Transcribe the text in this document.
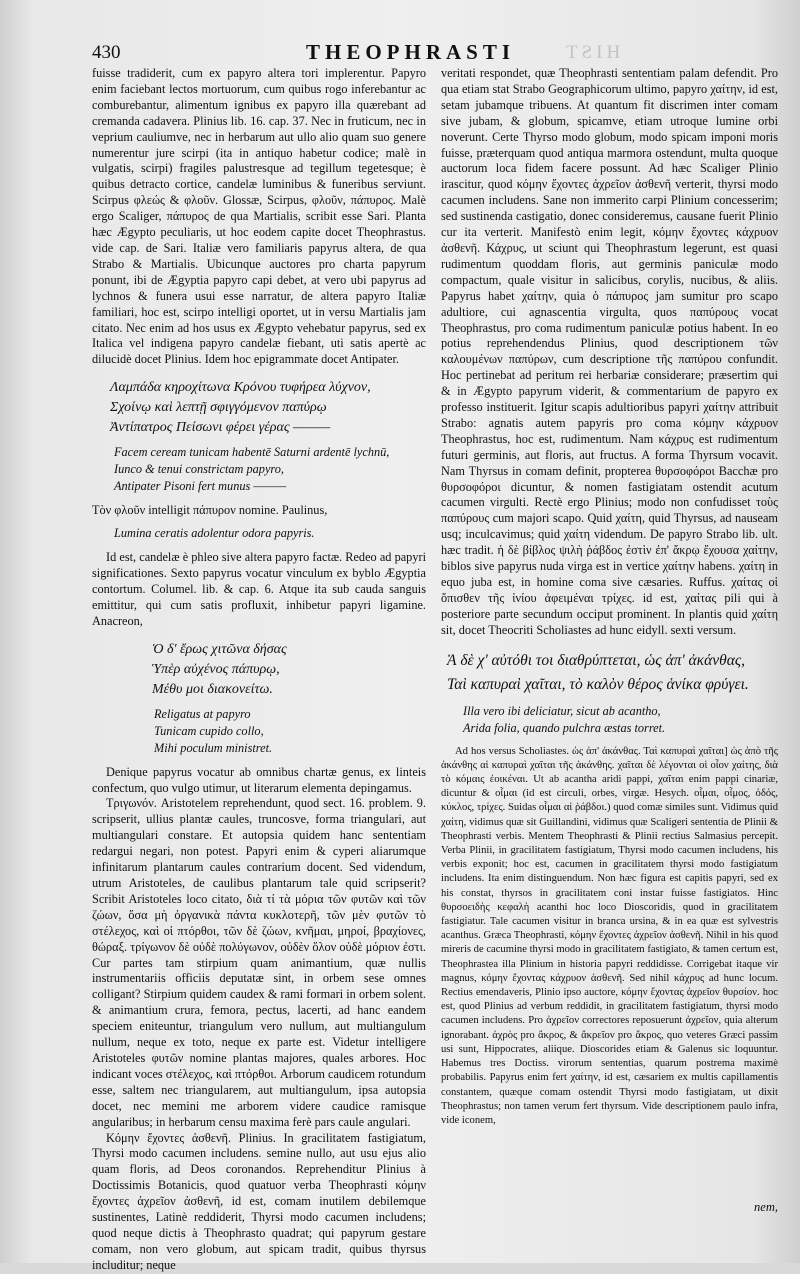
430	THEOPHRASTI HIST

fuisse tradiderit, cum ex papyro altera tori implerentur. Papyro enim faciebant lectos mortuorum, cum quibus rogo inferebantur ac comburebantur, alimentum ignibus ex papyro illa quærebant ad cremanda cadavera. Plinius lib. 16. cap. 37. Nec in fruticum, nec in veprium cauliumve, nec in herbarum aut ullo alio quam suo genere numerentur jure scirpi (ita in antiquo habetur codice; malè in vulgatis, scirpi) fragiles palustresque ad tegillum tegetesque; è quibus detracto cortice, candelæ luminibus & funeribus serviunt. Scirpus φλεώς & φλοῦν. Glossæ, Scirpus, φλοῦν, πάπυρος. Malè ergo Scaliger, πάπυρος de qua Martialis, scribit esse Sari. Planta hæc Ægypto peculiaris, ut hoc eodem capite docet Theophrastus. vide cap. de Sari. Italiæ vero familiaris papyrus altera, de qua Strabo & Martialis. Ubicunque auctores pro charta papyrum ponunt, ibi de Ægyptia papyro capi debet, at vero ubi papyrus ad lychnos & funera usui esse narratur, de altera papyro Italiæ familiari, hoc est, scirpo intelligi oportet, ut in versu Martialis jam citato. Nec enim ad hos usus ex Ægypto vehebatur papyrus, sed ex Italica vel indigena papyro candelæ fiebant, uti satis apertè ac dilucidè docet Plinius. Idem hoc epigrammate docet Antipater.

Λαμπάδα κηροχίτωνα Κρόνου τυφήρεα λύχνον,
Σχοίνῳ καὶ λεπτῇ σφιγγόμενον παπύρῳ
Ἀντίπατρος Πείσωνι φέρει γέρας ———
Facem ceream tunicam habentē Saturni ardentē lychnū,
Iunco & tenui constrictam papyro,
Antipater Pisoni fert munus ———

Τὸν φλοῦν intelligit πάπυρον nomine. Paulinus,

Lumina ceratis adolentur odora papyris.

Id est, candelæ è phleo sive altera papyro factæ. Redeo ad papyri significationes. Sexto papyrus vocatur vinculum ex byblo Ægyptia contortum. Columel. lib. & cap. 6. Atque ita sub cauda sanguis emittitur, qui cum satis profluxit, inhibetur papyri ligamine. Anacreon,

Ὁ δ' ἔρως χιτῶνα δήσας
Ὑπὲρ αὐχένος πάπυρῳ,
Μέθυ μοι διακονείτω.
Religatus at papyro
Tunicam cupido collo,
Mihi poculum ministret.

Denique papyrus vocatur ab omnibus chartæ genus, ex linteis confectum, quo vulgo utimur, ut literarum elementa depingamus.

Τριγωνόν. Aristotelem reprehendunt, quod sect. 16. problem. 9. scripserit, ullius plantæ caules, truncosve, forma triangulari, aut multiangulari constare. Et autopsia quidem hanc sententiam redargui negari, non potest. Papyri enim & cyperi aliarumque infinitarum plantarum caules contrarium docent. Sed videndum, utrum Aristoteles, de caulibus plantarum tale quid scripserit? Scribit Aristoteles loco citato, διὰ τί τὰ μόρια τῶν φυτῶν καὶ τῶν ζώων, ὅσα μὴ ὀργανικὰ πάντα κυκλοτερῆ, τῶν μὲν φυτῶν τὸ στέλεχος, καὶ οἱ πτόρθοι, τῶν δὲ ζώων, κνῆμαι, μηροί, βραχίονες, θώραξ. τρίγωνον δὲ οὐδὲ πολύγωνον, οὐδὲν ὅλον οὐδὲ μόριον ἐστι. Cur partes tam stirpium quam animantium, quæ nullis instrumentariis officiis deputatæ sint, in orbem sese omnes colligant? Stirpium quidem caudex & rami formari in orbem solent. & animantium crura, femora, pectus, lacerti, ad hanc eandem speciem eniteuntur, triangulum vero nullum, aut multiangulum nullum, neque ex toto, neque ex parte est. Videtur intelligere Aristoteles φυτῶν nomine plantas majores, quales arbores. Hoc indicant voces στέλεχος, καὶ πτόρθοι. Arborum caudicem rotundum esse, saltem nec triangularem, aut multiangulum, ipsa autopsia docet, nec memini me arborem videre caudice ramisque angularibus; in herbarum censu maxima ferè pars caule angulari.

Κόμην ἔχοντες ἀσθενῆ. Plinius. In gracilitatem fastigiatum, Thyrsi modo cacumen includens. semine nullo, aut usu ejus alio quam floris, ad Deos coronandos. Reprehenditur Plinius à Doctissimis Botanicis, quod quatuor verba Theophrasti κόμην ἔχοντες ἀχρεῖον ἀσθενῆ, id est, comam inutilem debilemque sustinentes, Latinè reddiderit, Thyrsi modo cacumen includens; quod neque dictis à Theophrasto quadrat; qui papyrum gestare comam, non vero globum, aut spicam tradit, quibus thyrsus includitur; neque

veritati respondet, quæ Theophrasti sententiam palam defendit. Pro qua etiam stat Strabo Geographicorum ultimo, papyro χαίτην, id est, setam jubamque tribuens. At quantum fit discrimen inter comam sive jubam, & globum, spicamve, etiam utroque lumine orbi noverunt. Certe Thyrso modo globum, modo spicam imponi moris fuisse, præterquam quod antiqua marmora ostendunt, multa quoque auctorum loca fidem facere possunt. Ad hæc Scaliger Plinio irascitur, quod κόμην ἔχοντες ἀχρεῖον ἀσθενῆ verterit, thyrsi modo cacumen includens. Sane non immerito carpi Plinium concesserim; sed sustinenda castigatio, donec consideremus, causane fuerit Plinio cur ita verterit. Manifestò enim legit, κόμην ἔχοντες κάχρυον ἀσθενῆ. Κάχρυς, ut sciunt qui Theophrastum legerunt, est quasi rudimentum quoddam floris, aut germinis paniculæ modo compactum, quale visitur in salicibus, corylis, nucibus, & aliis. Papyrus habet χαίτην, quia ὁ πάπυρος jam sumitur pro scapo adultiore, cui agnascentia virgulta, quos παπύρους vocat Theophrastus, pro coma rudimentum paniculæ potius habent. In eo potius reprehendendus Plinius, quod descriptionem τῶν καλουμένων παπύρων, cum descriptione τῆς παπύρου confundit. Hoc pertinebat ad peritum rei herbariæ considerare; præsertim qui & in Ægypto papyrum viderit, & commentarium de papyro ex professo instituerit. Igitur scapis adultioribus papyri χαίτην attribuit Strabo: agnatis autem papyris pro coma κόμην κάχρυον Theophrastus, hoc est, rudimentum. Nam κάχρυς est rudimentum futuri germinis, aut floris, aut fructus. A forma Thyrsum vocavit. Nam Thyrsus in comam definit, propterea θυρσοφόροι Bacchæ pro θυρσοφόροι dicuntur, & nomen fastigiatam ostendit acutum cacumen virgulti. Rectè ergo Plinius; modo non confudisset τοὺς παπύρους cum majori scapo. Quid χαίτη, quid Thyrsus, ad nauseam usq; inculcavimus; quid χαίτη videndum. De papyro Strabo lib. ult. hæc tradit. ἡ δὲ βίβλος ψιλὴ ῥάβδος ἐστὶν ἐπ' ἄκρῳ ἔχουσα χαίτην, biblos sive papyrus nuda virga est in vertice χαίτην habens. χαίτη in equo juba est, in homine coma sive cæsaries. Ruffus. χαίτας οἱ ὄπισθεν τῆς ἰνίου ἀφειμέναι τρίχες. id est, χαίτας pili qui à posteriore parte secundum occiput prominent. In plantis quid χαίτη sit, docet Theocriti Scholiastes ad hunc eidyll. sexti versum.

Ἁ δὲ χ' αὐτόθι τοι διαθρύπτεται, ὡς ἀπ' ἀκάνθας,
Ταὶ καπυραὶ χαῖται, τὸ καλὸν θέρος ἁνίκα φρύγει.
Illa vero ibi deliciatur, sicut ab acantho,
Arida folia, quando pulchra æstas torret.

Ad hos versus Scholiastes. ὡς ἀπ' ἀκάνθας. Ταὶ καπυραὶ χαῖται] ὡς ἀπὸ τῆς ἀκάνθης αἱ καπυραὶ χαῖται τῆς ἀκάνθης. χαῖται δὲ λέγονται οἱ οἷον χαίτης, διὰ τὸ κόμαις ἐοικέναι. Ut ab acantha aridi pappi, χαῖται enim pappi cinariæ, dicuntur & οἷμαι (id est circuli, orbes, virgæ. Hesych. οἷμαι, οἶμος, ὁδός, κύκλος, τρίχες. Suidas οἷμαι αἱ ῥάβδοι.) quod comæ similes sunt. Vidimus quid χαίτη, vidimus quæ sit Guillandini, vidimus quæ Scaligeri sententia de Plinii & Theophrasti verbis. Mentem Theophrasti & Plinii rectius Salmasius percepit. Verba Plinii, in gracilitatem fastigiatum, Thyrsi modo cacumen includens, his verbis exponit; hoc est, cacumen in gracilitatem thyrsi modo fastigiatum includens. Ita enim distinguendum. Non hæc figura est capitis papyri, sed ex his constat, thyrsos in gracilitatem coni instar fuisse fastigiatos. Hinc θυρσοειδὴς κεφαλὴ acanthi hoc loco Dioscoridis, quod in gracilitatem fastigiatur. Tale cacumen visitur in branca ursina, & in ea quæ est sylvestris acanthus. Græca Theophrasti, κόμην ἔχοντες ἀχρεῖον ἀσθενῆ. Nihil in his quod mireris de cacumine thyrsi modo in gracilitatem fastigiato, & tamen certum est, Theophrastea illa Plinium in historia papyri reddidisse. Corrigebat itaque vir magnus, κόμην ἔχοντας κάχρυον ἀσθενῆ. Sed nihil κάχρυς ad hunc locum. Rectius emendaveris, Plinio ipso auctore, κόμην ἔχοντας ἀχρεῖον θυρσίον. hoc est, quod Plinius ad verbum reddidit, in gracilitatem fastigiatum, thyrsi modo cacumen includens. Pro ἀχρεῖον correctores reposuerunt ἀχρεῖον, quia alterum ignorabant. ἀχρὸς pro ἄκρος, & ἄκρεῖον pro ἄκρος, quo veteres Græci passim usi sunt, Hippocrates, aliique. Dioscorides etiam & Galenus sic loquuntur. Habemus tres Doctiss. virorum sententias, quarum postrema maximè probabilis. Papyrus enim fert χαίτην, id est, cæsariem ex multis capillamentis constantem, quæque comam ostendit Thyrsi modo fastigiatam, ut dixit Theophrastus; non tamen verum fert thyrsum. Vide descriptionem paulo infra, vide iconem,

nem,
